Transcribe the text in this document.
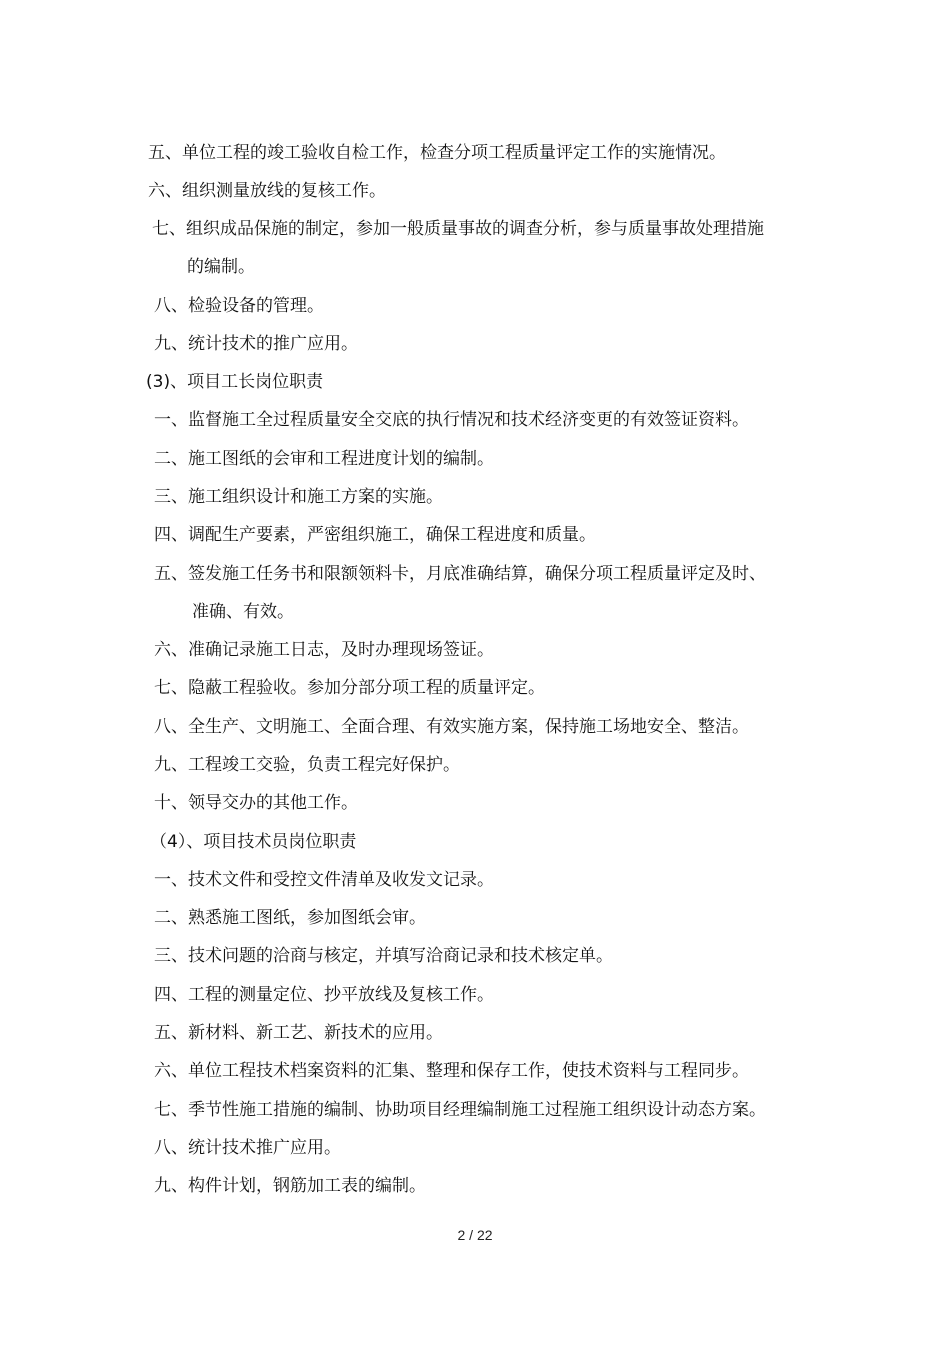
五、单位工程的竣工验收自检工作，检查分项工程质量评定工作的实施情况。
六、组织测量放线的复核工作。
七、组织成品保施的制定，参加一般质量事故的调查分析，参与质量事故处理措施
的编制。
八、检验设备的管理。
九、统计技术的推广应用。
(3)、项目工长岗位职责
一、监督施工全过程质量安全交底的执行情况和技术经济变更的有效签证资料。
二、施工图纸的会审和工程进度计划的编制。
三、施工组织设计和施工方案的实施。
四、调配生产要素，严密组织施工，确保工程进度和质量。
五、签发施工任务书和限额领料卡，月底准确结算，确保分项工程质量评定及时、
准确、有效。
六、准确记录施工日志，及时办理现场签证。
七、隐蔽工程验收。参加分部分项工程的质量评定。
八、全生产、文明施工、全面合理、有效实施方案，保持施工场地安全、整洁。
九、工程竣工交验，负责工程完好保护。
十、领导交办的其他工作。
（4）、项目技术员岗位职责
一、技术文件和受控文件清单及收发文记录。
二、熟悉施工图纸，参加图纸会审。
三、技术问题的洽商与核定，并填写洽商记录和技术核定单。
四、工程的测量定位、抄平放线及复核工作。
五、新材料、新工艺、新技术的应用。
六、单位工程技术档案资料的汇集、整理和保存工作，使技术资料与工程同步。
七、季节性施工措施的编制、协助项目经理编制施工过程施工组织设计动态方案。
八、统计技术推广应用。
九、构件计划，钢筋加工表的编制。
2 / 22
